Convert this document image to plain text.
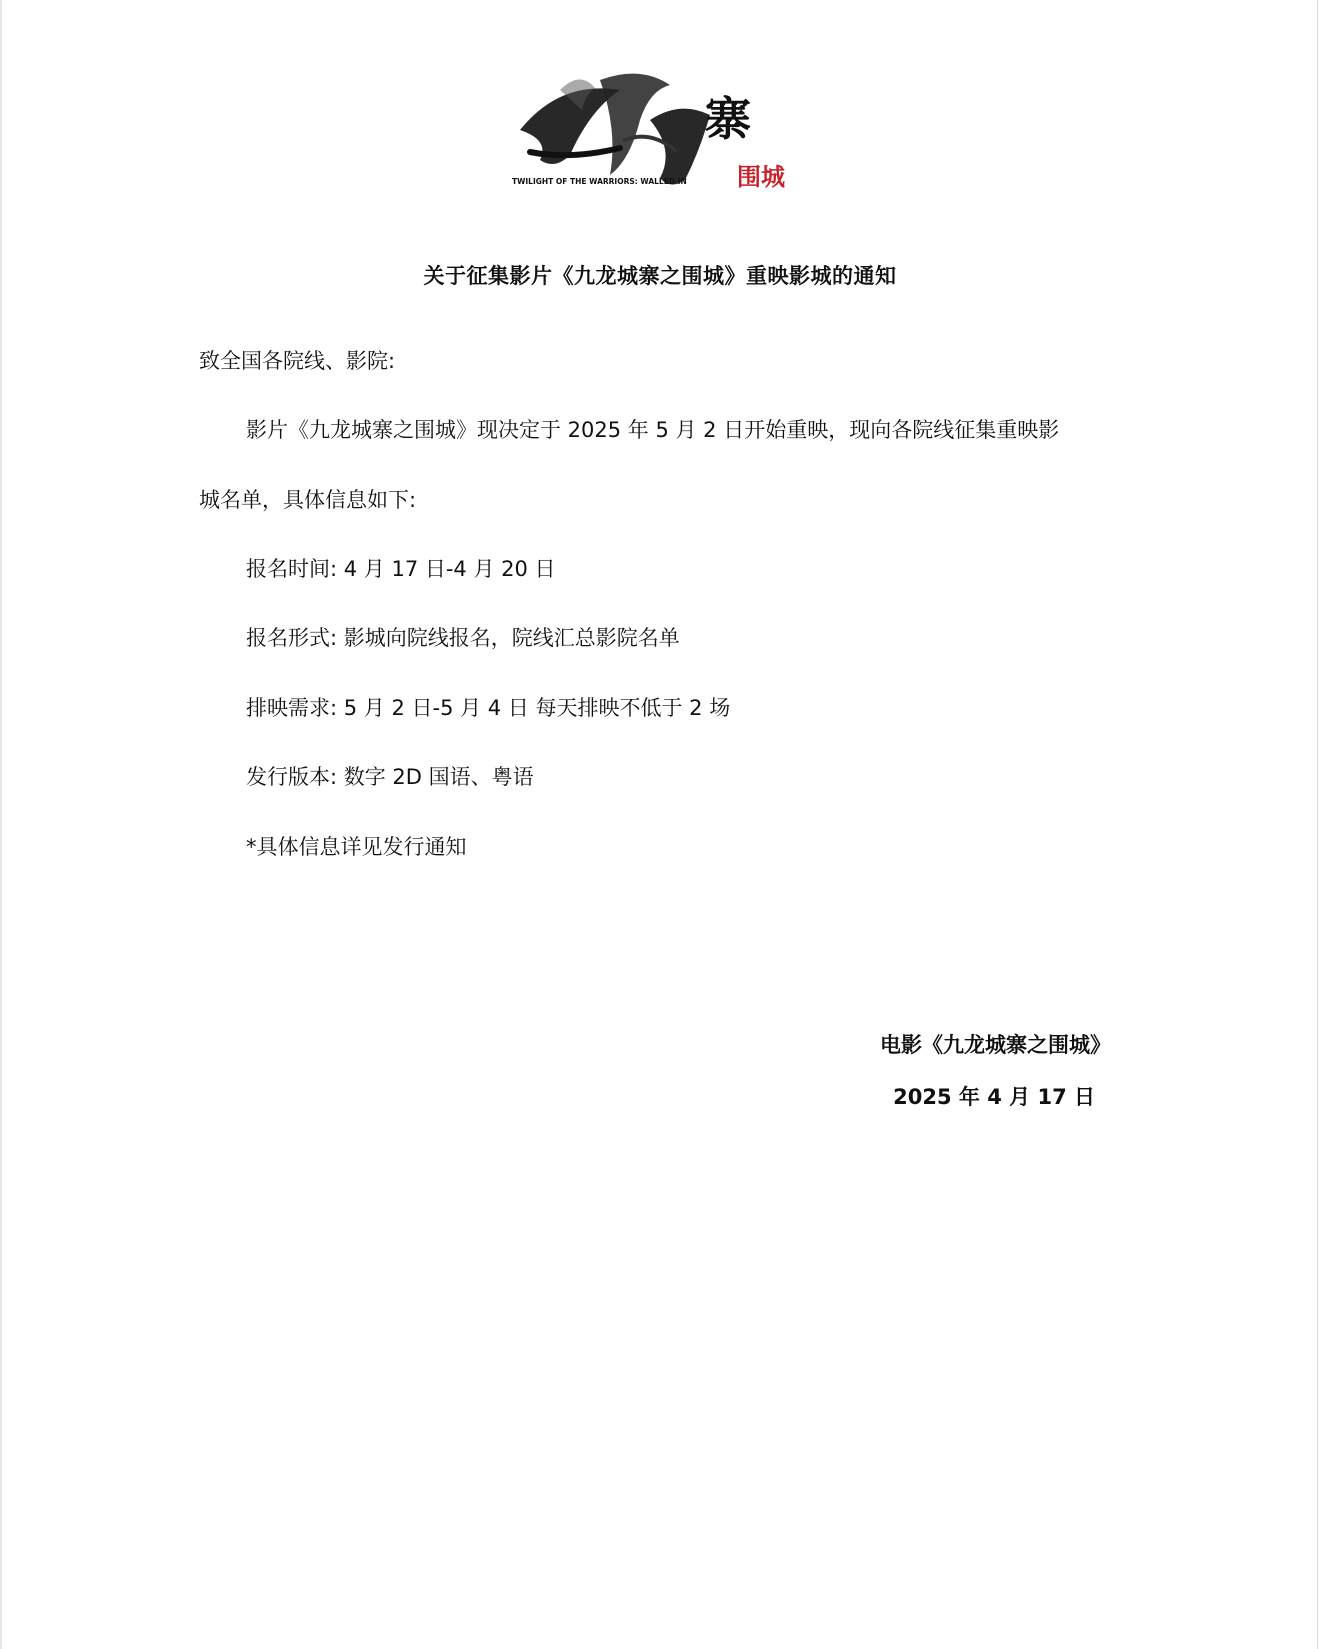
寨
围城
TWILIGHT OF THE WARRIORS: WALLED IN
关于征集影片《九龙城寨之围城》重映影城的通知
致全国各院线、影院:
影片《九龙城寨之围城》现决定于 2025 年 5 月 2 日开始重映，现向各院线征集重映影
城名单，具体信息如下:
报名时间: 4 月 17 日-4 月 20 日
报名形式: 影城向院线报名，院线汇总影院名单
排映需求: 5 月 2 日-5 月 4 日 每天排映不低于 2 场
发行版本: 数字 2D 国语、粤语
*具体信息详见发行通知
电影《九龙城寨之围城》
2025 年 4 月 17 日
